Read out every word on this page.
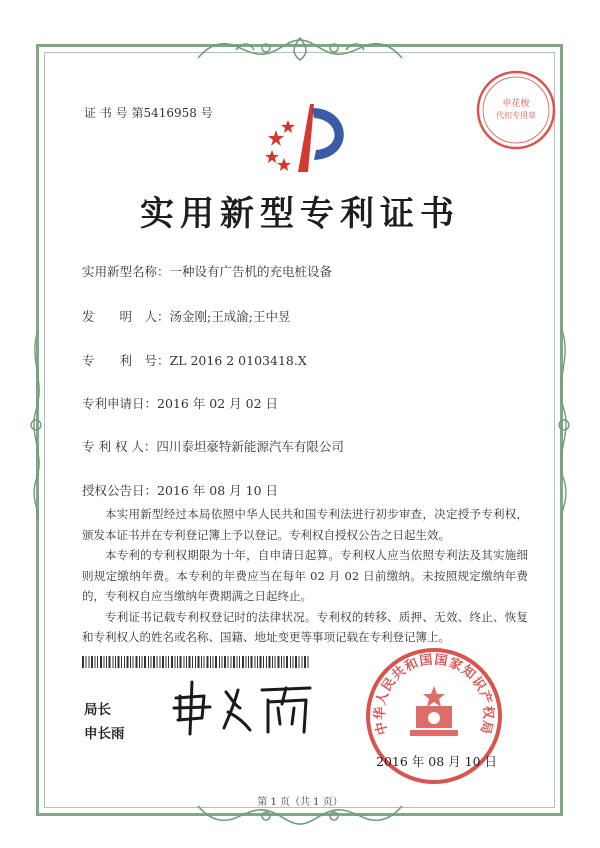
证 书 号 第5416958 号
申花梭
代扣专用章
实用新型专利证书
实用新型名称：一种设有广告机的充电桩设备
发　　明　人：汤金刚;王成渝;王中昱
专　　利　号：ZL 2016 2 0103418.X
专利申请日：2016 年 02 月 02 日
专 利 权 人：四川泰坦豪特新能源汽车有限公司
授权公告日：2016 年 08 月 10 日

本实用新型经过本局依照中华人民共和国专利法进行初步审查，决定授予专利权，颁发本证书并在专利登记簿上予以登记。专利权自授权公告之日起生效。

本专利的专利权期限为十年，自申请日起算。专利权人应当依照专利法及其实施细则规定缴纳年费。本专利的年费应当在每年 02 月 02 日前缴纳。未按照规定缴纳年费的，专利权自应当缴纳年费期满之日起终止。

专利证书记载专利权登记时的法律状况。专利权的转移、质押、无效、终止、恢复和专利权人的姓名或名称、国籍、地址变更等事项记载在专利登记簿上。

局长
申长雨	中华人民共和国国家知识产权局
2016 年 08 月 10 日
第 1 页（共 1 页）
